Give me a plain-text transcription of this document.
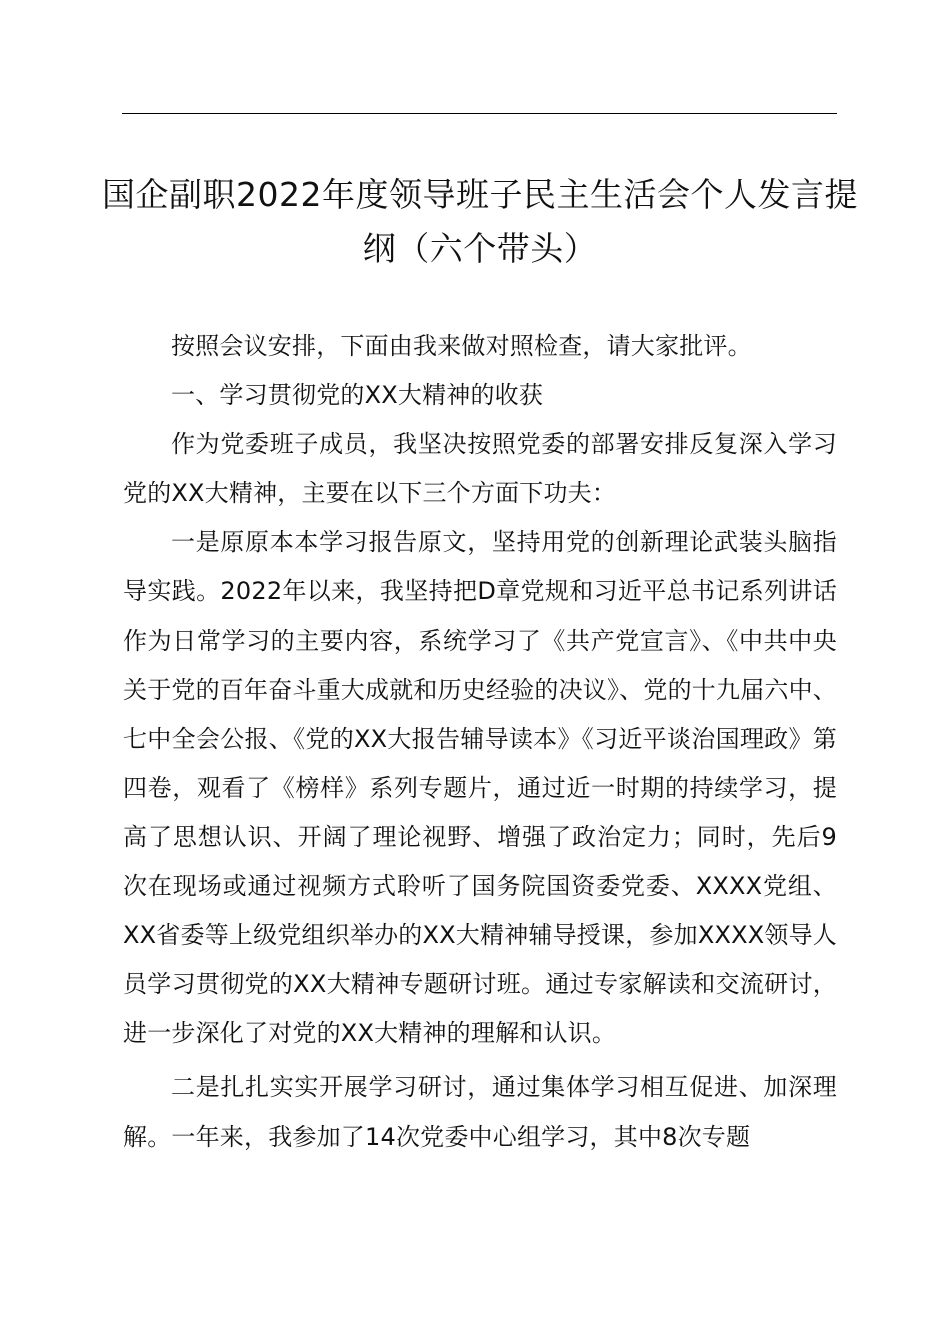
国企副职2022年度领导班子民主生活会个人发言提纲（六个带头）

按照会议安排，下面由我来做对照检查，请大家批评。

一、学习贯彻党的XX大精神的收获

作为党委班子成员，我坚决按照党委的部署安排反复深入学习党的XX大精神，主要在以下三个方面下功夫：

一是原原本本学习报告原文，坚持用党的创新理论武装头脑指导实践。2022年以来，我坚持把D章党规和习近平总书记系列讲话作为日常学习的主要内容，系统学习了《共产党宣言》、《中共中央关于党的百年奋斗重大成就和历史经验的决议》、党的十九届六中、七中全会公报、《党的XX大报告辅导读本》《习近平谈治国理政》第四卷，观看了《榜样》系列专题片，通过近一时期的持续学习，提高了思想认识、开阔了理论视野、增强了政治定力；同时，先后9次在现场或通过视频方式聆听了国务院国资委党委、XXXX党组、XX省委等上级党组织举办的XX大精神辅导授课，参加XXXX领导人员学习贯彻党的XX大精神专题研讨班。通过专家解读和交流研讨，进一步深化了对党的XX大精神的理解和认识。

二是扎扎实实开展学习研讨，通过集体学习相互促进、加深理解。一年来，我参加了14次党委中心组学习，其中8次专题
